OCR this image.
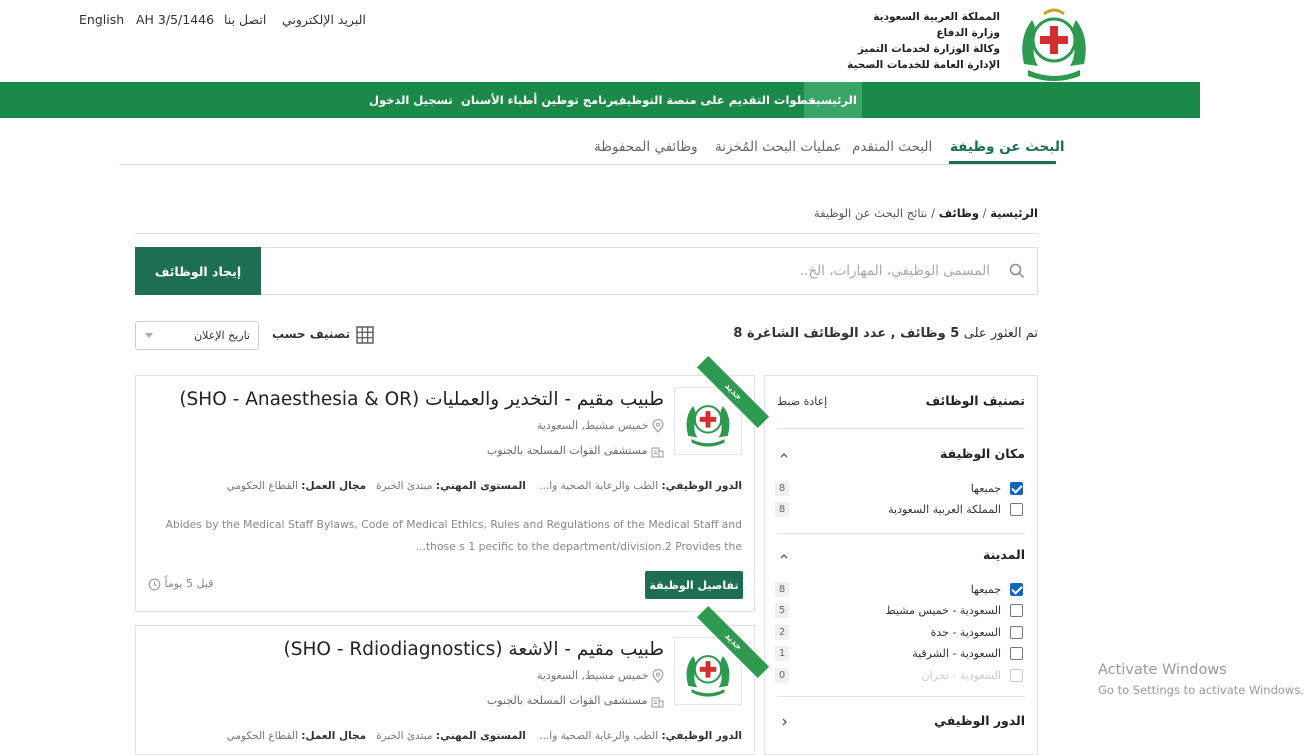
English AH 3/5/1446 اتصل بنا البريد الإلكتروني	المملكة العربية السعودية
وزارة الدفاع
وكالة الوزارة لخدمات التميز
الإدارة العامة للخدمات الصحية
الرئيسية
خطوات التقديم على منصة التوظيف
برنامج توطين أطباء الأسنان
تسجيل الدخول
البحث عن وظيفة
البحث المتقدم
عمليات البحث المُخزنة
وظائفي المحفوظة
الرئيسية / وظائف / نتائج البحث عن الوظيفة
المسمى الوظيفي، المهارات، الخ..
إيجاد الوظائف
تم العثور على 5 وظائف , عدد الوظائف الشاغرة 8
تصنيف حسب
تاريخ الإعلان
تصنيف الوظائف
إعادة ضبط
مكان الوظيفة
جميعها
8
المملكة العربية السعودية
8
المدينة
جميعها
8
السعودية - خميس مشيط
5
السعودية - جدة
2
السعودية - الشرقية
1
السعودية - نجران
0
الدور الوظيفي
جديد
طبيب مقيم - التخدير والعمليات (SHO - Anaesthesia & OR)
خميس مشيط, السعودية
مستشفى القوات المسلحة بالجنوب
الدور الوظيفي: الطب والرعاية الصحية وا...    المستوى المهني: مبتدئ الخبرة   مجال العمل: القطاع الحكومي
Abides by the Medical Staff Bylaws, Code of Medical Ethics, Rules and Regulations of the Medical Staff and those s 1 pecific to the department/division.2 Provides the...
تفاصيل الوظيفة
قبل 5 يوماً
جديد
طبيب مقيم - الاشعة (SHO - Rdiodiagnostics)
خميس مشيط, السعودية
مستشفى القوات المسلحة بالجنوب
الدور الوظيفي: الطب والرعاية الصحية وا...    المستوى المهني: مبتدئ الخبرة   مجال العمل: القطاع الحكومي
Activate Windows
Go to Settings to activate Windows.
